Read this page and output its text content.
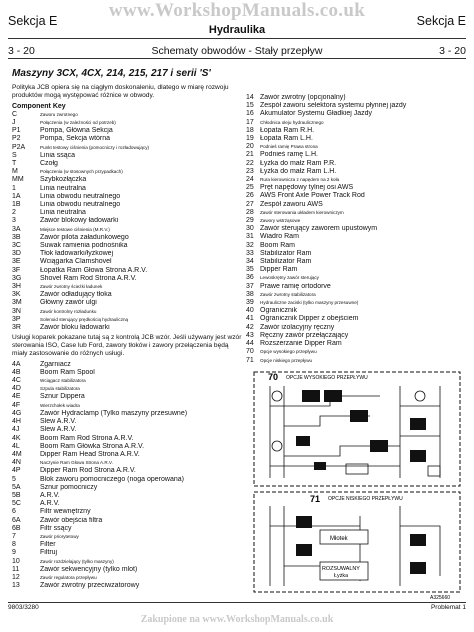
www.WorkshopManuals.co.uk
Sekcja E
Hydraulika
Sekcja E
3 - 20	Schematy obwodów - Stały przepływ	3 - 20
Maszyny 3CX, 4CX, 214, 215, 217 i serii 'S'
Polityka JCB opiera się na ciągłym doskonaleniu, dlatego w miarę rozwoju produktów mogą występować różnice w obwody.
Component Key
C	Zaworu zwrotnego
J	Połączenia (w zależności od potrzeb)
P1	Pompa, Główna Sekcja
P2	Pompa, Sekcja wtórna
P2A	Punkt testowy ciśnienia (pomocniczy i rozładowujący)
S	Linia ssąca
T	Czołg
M	Połączenia (w stosownych przypadkach)
MM	Szybkozłączka
1	Linia neutralna
1A	Linia obwodu neutralnego
1B	Linia obwodu neutralnego
2	Linia neutralna
3	Zawór blokowy ładowarki
3A	Miejsce testowe ciśnienia (M.R.V.)
3B	Zawór pilota załadunkowego
3C	Suwak ramienia podnośnika
3D	Tłok ładowarki/łyżkowej
3E	Wciągarka Clamshovel
3F	Łopatka Ram Głowa Strona A.R.V.
3G	Shovel Ram Rod Strona A.R.V.
3H	Zawór zwrotny ścieżki ładunek
3K	Zawór odładujący tłoka
3M	Główny zawór ulgi
3N	Zawór kontrolny rozładunku
3P	Solenoid sterujący prędkością hydrauliczną
3R	Zawór bloku ładowarki
Usługi koparek pokazane tutaj są z kontrolą JCB wzór. Jeśli używany jest wzór sterowania ISO, Case lub Ford, zawory tłoków i zawory przełączenia będą miały zastosowanie do różnych usługi.
4A	Zgarniacz
4B	Boom Ram Spool
4C	Wciągacz stabilizatora
4D	Szpula stabilizatora
4E	Sznur Dippera
4F	Wierzchołek wiadra
4G	Zawór Hydraclamp (Tylko maszyny przesuwne)
4H	Slew A.R.V.
4J	Slew A.R.V.
4K	Boom Ram Rod Strona A.R.V.
4L	Boom Ram Główka Strona A.R.V.
4M	Dipper Ram Head Strona A.R.V.
4N	Naczynie Ram Głowa Strona A.R.V.
4P	Dipper Ram Rod Strona A.R.V.
5	Blok zaworu pomocniczego (noga operowana)
5A	Sznur pomocniczy
5B	A.R.V.
5C	A.R.V.
6	Filtr wewnętrzny
6A	Zawór obejścia filtra
6B	Filtr ssący
7	Zawór priorytetowy
8	Filter
9	Filtruj
10	Zawór rozdzielający (tylko maszyny)
11	Zawór sekwencyjny (tylko mlot)
12	Zawór regulatora przepływu
13	Zawór zwrotny przeciwzatorowy
14 Zawór zwrotny (opcjonalny)
15 Zespół zaworu selektora systemu płynnej jazdy
16 Akumulator Systemu Gładkiej Jazdy
17	Chłodnica oleju hydraulicznego
18 Łopata Ram R.H.
19 Łopata Ram L.H.
20	Podnieś ramię Prawa strona
21 Podnieś ramę L.H.
22 Łyżka do małż Ram P.R.
23 Łyżka do małż Ram L.H.
24	Rura kierownicza z napędem na 2 koła
25 Pręt napędowy tylnej osi AWS
26 AWS Front Axle Power Track Rod
27 Zespół zaworu AWS
28	Zawór sterowania układem kierowniczym
29	Zawory wstrząsowe
30 Zawór sterujący zaworem upustowym
31 Wiadro Ram
32 Boom Ram
33 Stabilizator Ram
34 Stabilizator Ram
35 Dipper Ram
36	Lewoskrętny zawór sterujący
37 Prawe ramię ortodorve
38	Zawór zwrotny stabilizatora
39	Hydrauliczne zaciski (tylko maszyny przesuwne)
40 Ogranicznik
41 Ogranicznik Dipper z obejściem
42 Zawór izolacyjny ręczny
43 Ręczny zawór przełączający
44 Rozszerzanie Dipper Ram
70	Opcje wysokiego przepływu
71	Opcje niskiego przepływu
70 OPCJE WYSOKIEGO PRZEPŁYWU
71 OPCJE NISKIEGO PRZEPŁYWU
Młotek
ROZSUWALNY
Łyżka
A325660
9803/3280	Problemat 1
Zakupione na www.WorkshopManuals.co.uk
